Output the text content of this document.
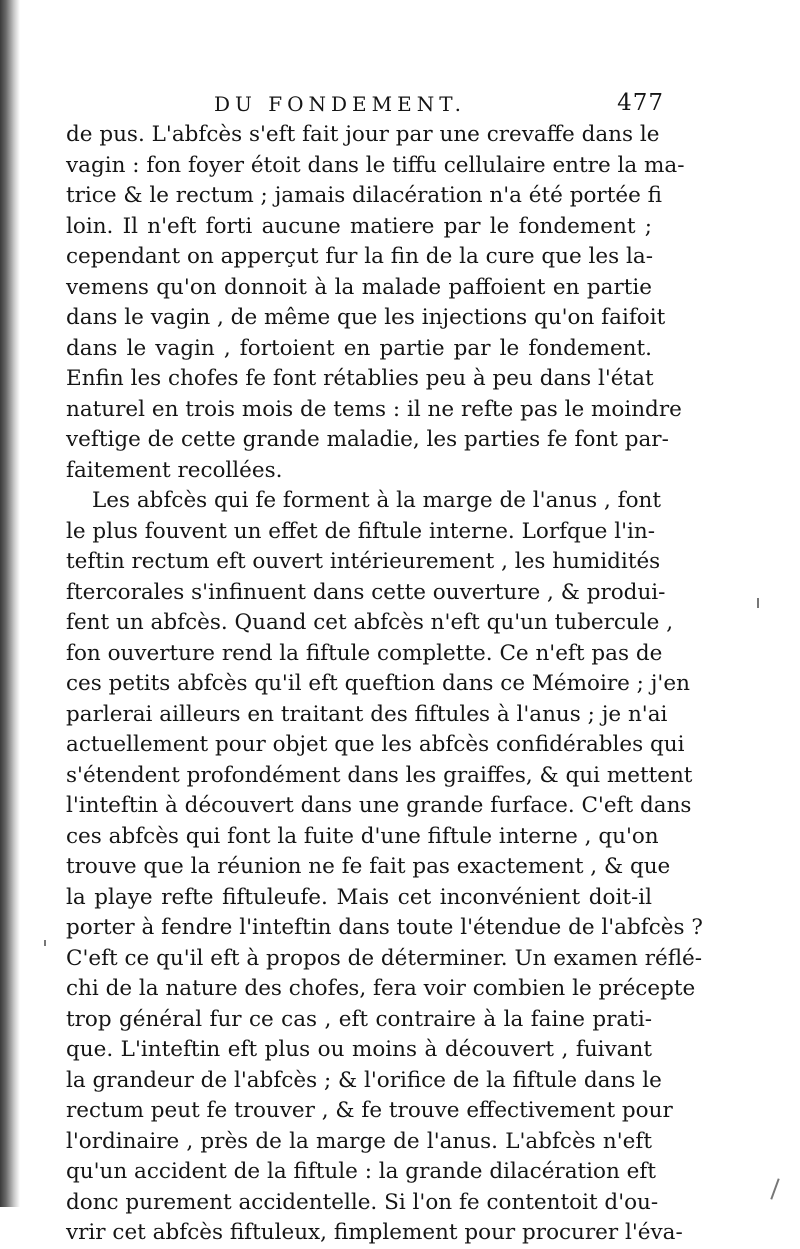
DU FONDEMENT.	477
de pus. L'abfcès s'eft fait jour par une crevaffe dans le
vagin : fon foyer étoit dans le tiffu cellulaire entre la ma-
trice & le rectum ; jamais dilacération n'a été portée fi
loin. Il n'eft forti aucune matiere par le fondement ;
cependant on apperçut fur la fin de la cure que les la-
vemens qu'on donnoit à la malade paffoient en partie
dans le vagin , de même que les injections qu'on faifoit
dans le vagin , fortoient en partie par le fondement.
Enfin les chofes fe font rétablies peu à peu dans l'état
naturel en trois mois de tems : il ne refte pas le moindre
veftige de cette grande maladie, les parties fe font par-
faitement recollées.
Les abfcès qui fe forment à la marge de l'anus , font
le plus fouvent un effet de fiftule interne. Lorfque l'in-
teftin rectum eft ouvert intérieurement , les humidités
ftercorales s'infinuent dans cette ouverture , & produi-
fent un abfcès. Quand cet abfcès n'eft qu'un tubercule ,
fon ouverture rend la fiftule complette. Ce n'eft pas de
ces petits abfcès qu'il eft queftion dans ce Mémoire ; j'en
parlerai ailleurs en traitant des fiftules à l'anus ; je n'ai
actuellement pour objet que les abfcès confidérables qui
s'étendent profondément dans les graiffes, & qui mettent
l'inteftin à découvert dans une grande furface. C'eft dans
ces abfcès qui font la fuite d'une fiftule interne , qu'on
trouve que la réunion ne fe fait pas exactement , & que
la playe refte fiftuleufe. Mais cet inconvénient doit-il
porter à fendre l'inteftin dans toute l'étendue de l'abfcès ?
C'eft ce qu'il eft à propos de déterminer. Un examen réflé-
chi de la nature des chofes, fera voir combien le précepte
trop général fur ce cas , eft contraire à la faine prati-
que. L'inteftin eft plus ou moins à découvert , fuivant
la grandeur de l'abfcès ; & l'orifice de la fiftule dans le
rectum peut fe trouver , & fe trouve effectivement pour
l'ordinaire , près de la marge de l'anus. L'abfcès n'eft
qu'un accident de la fiftule : la grande dilacération eft
donc purement accidentelle. Si l'on fe contentoit d'ou-
vrir cet abfcès fiftuleux, fimplement pour procurer l'éva-
